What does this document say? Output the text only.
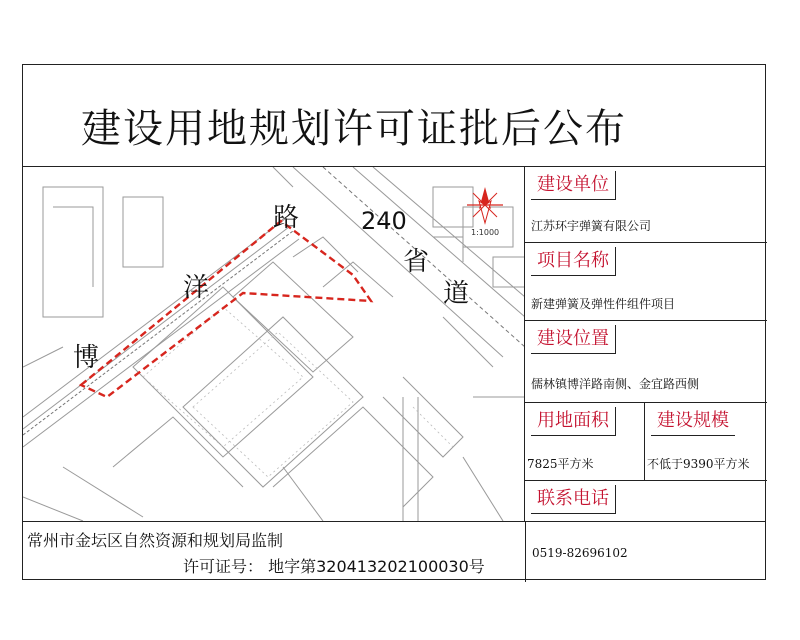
建设用地规划许可证批后公布
1:1000
路
洋
博
240
省
道
建设单位
江苏环宇弹簧有限公司
项目名称
新建弹簧及弹性件组件项目
建设位置
儒林镇博洋路南侧、金宜路西侧
用地面积
7825平方米
建设规模
不低于9390平方米
联系电话
常州市金坛区自然资源和规划局监制
许可证号： 地字第320413202100030号
0519-82696102
